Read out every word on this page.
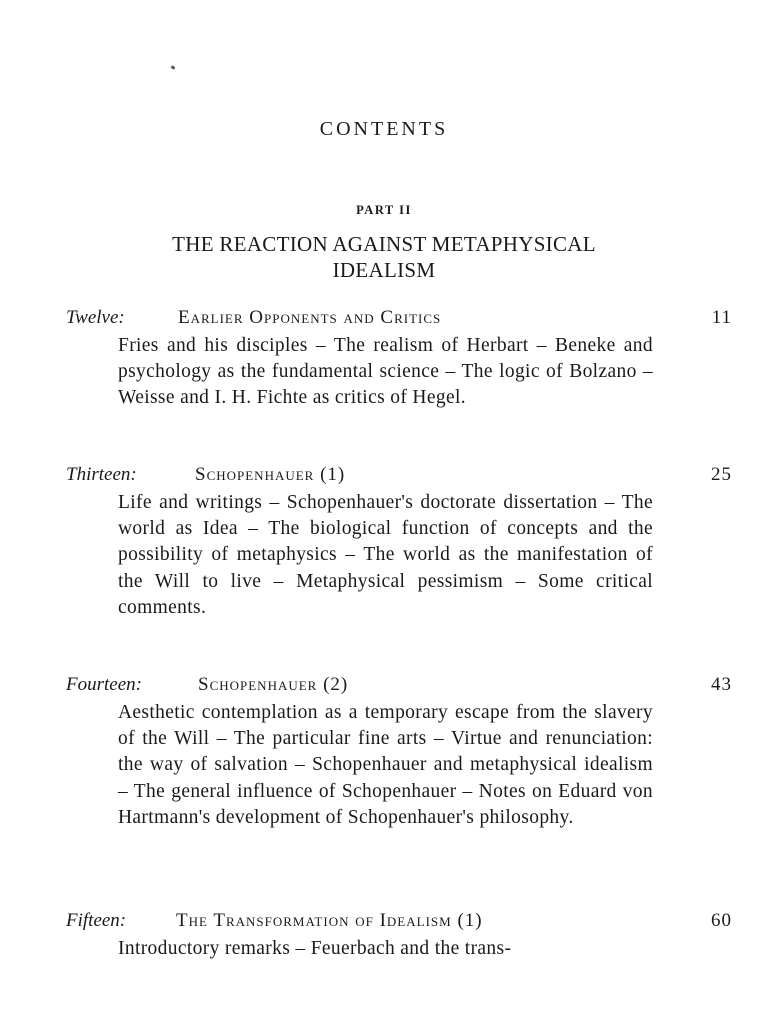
CONTENTS
PART II
THE REACTION AGAINST METAPHYSICAL
IDEALISM
Twelve:	Earlier Opponents and Critics	11
Fries and his disciples – The realism of Herbart – Beneke and psychology as the fundamental science – The logic of Bolzano – Weisse and I. H. Fichte as critics of Hegel.
Thirteen:	Schopenhauer (1)	25
Life and writings – Schopenhauer's doctorate dissertation – The world as Idea – The biological function of concepts and the possibility of metaphysics – The world as the manifestation of the Will to live – Metaphysical pessimism – Some critical comments.
Fourteen:	Schopenhauer (2)	43
Aesthetic contemplation as a temporary escape from the slavery of the Will – The particular fine arts – Virtue and renunciation: the way of salvation – Schopenhauer and metaphysical idealism – The general influence of Schopenhauer – Notes on Eduard von Hartmann's development of Schopenhauer's philosophy.
Fifteen:	The Transformation of Idealism (1)	60
Introductory remarks – Feuerbach and the trans-
